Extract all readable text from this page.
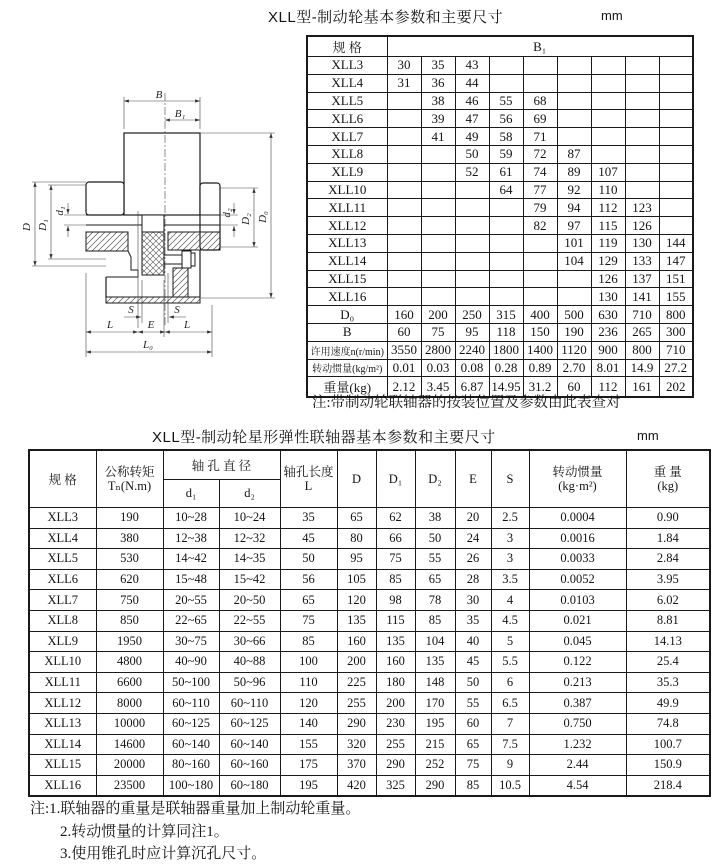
XLL型-制动轮基本参数和主要尺寸	mm
B
B₁
D D₁
d₁	d₂
D₂ D₀
S	S
L	E	L
L₀
规 格	B₁								
XLL3	30	35	43						
XLL4	31	36	44						
XLL5		38	46	55	68				
XLL6		39	47	56	69				
XLL7		41	49	58	71				
XLL8			50	59	72	87			
XLL9			52	61	74	89	107		
XLL10				64	77	92	110		
XLL11					79	94	112	123	
XLL12					82	97	115	126	
XLL13						101	119	130	144
XLL14						104	129	133	147
XLL15							126	137	151
XLL16							130	141	155
D₀	160	200	250	315	400	500	630	710	800
B	60	75	95	118	150	190	236	265	300
许用速度n(r/min)	3550	2800	2240	1800	1400	1120	900	800	710
转动惯量(kg/m²)	0.01	0.03	0.08	0.28	0.89	2.70	8.01	14.9	27.2
重量(kg)	2.12	3.45	6.87	14.95	31.2	60	112	161	202
注:带制动轮联轴器的按装位置及参数由此表查对
XLL型-制动轮星形弹性联轴器基本参数和主要尺寸	mm
规 格	
公称转矩
Tₙ(N.m)
	轴 孔 直 径	轴孔长度
L
	D	D₁	D₂	E	S	转动惯量
(kg·m²)

重 量
(kg)

		d₁	d₂								
XLL3	190	10~28	10~24	35	65	62	38	20	2.5	0.0004	0.90
XLL4	380	12~38	12~32	45	80	66	50	24	3	0.0016	1.84
XLL5	530	14~42	14~35	50	95	75	55	26	3	0.0033	2.84
XLL6	620	15~48	15~42	56	105	85	65	28	3.5	0.0052	3.95
XLL7	750	20~55	20~50	65	120	98	78	30	4	0.0103	6.02
XLL8	850	22~65	22~55	75	135	115	85	35	4.5	0.021	8.81
XLL9	1950	30~75	30~66	85	160	135	104	40	5	0.045	14.13
XLL10	4800	40~90	40~88	100	200	160	135	45	5.5	0.122	25.4
XLL11	6600	50~100	50~96	110	225	180	148	50	6	0.213	35.3
XLL12	8000	60~110	60~110	120	255	200	170	55	6.5	0.387	49.9
XLL13	10000	60~125	60~125	140	290	230	195	60	7	0.750	74.8
XLL14	14600	60~140	60~140	155	320	255	215	65	7.5	1.232	100.7
XLL15	20000	80~160	60~160	175	370	290	252	75	9	2.44	150.9
XLL16	23500	100~180	60~180	195	420	325	290	85	10.5	4.54	218.4
注:1.联轴器的重量是联轴器重量加上制动轮重量。
2.转动惯量的计算同注1。
3.使用锥孔时应计算沉孔尺寸。
